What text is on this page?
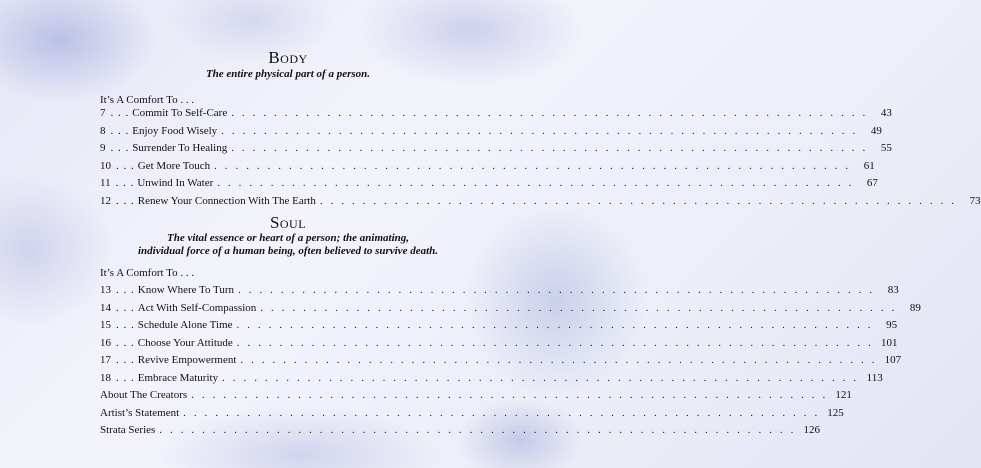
Body
The entire physical part of a person.
It’s A Comfort To . . .
7 . . . Commit To Self-Care . . . . . . . . . . . . . . . . . . . . . . . . . . . . . . . . . . . . . . . . . . . . . . . . . . . . . . . . . . . .	43
8 . . . Enjoy Food Wisely . . . . . . . . . . . . . . . . . . . . . . . . . . . . . . . . . . . . . . . . . . . . . . . . . . . . . . . . . . . .	49
9 . . . Surrender To Healing . . . . . . . . . . . . . . . . . . . . . . . . . . . . . . . . . . . . . . . . . . . . . . . . . . . . . . . . . . . .	55
10 . . . Get More Touch . . . . . . . . . . . . . . . . . . . . . . . . . . . . . . . . . . . . . . . . . . . . . . . . . . . . . . . . . . . .	61
11 . . . Unwind In Water . . . . . . . . . . . . . . . . . . . . . . . . . . . . . . . . . . . . . . . . . . . . . . . . . . . . . . . . . . . .	67
12 . . . Renew Your Connection With The Earth . . . . . . . . . . . . . . . . . . . . . . . . . . . . . . . . . . . . . . . . . . . . . . . . . . . . . . . . . . . .	73
Soul
The vital essence or heart of a person; the animating,
individual force of a human being, often believed to survive death.
It’s A Comfort To . . .
13 . . . Know Where To Turn . . . . . . . . . . . . . . . . . . . . . . . . . . . . . . . . . . . . . . . . . . . . . . . . . . . . . . . . . . . .	83
14 . . . Act With Self-Compassion . . . . . . . . . . . . . . . . . . . . . . . . . . . . . . . . . . . . . . . . . . . . . . . . . . . . . . . . . . . .	89
15 . . . Schedule Alone Time . . . . . . . . . . . . . . . . . . . . . . . . . . . . . . . . . . . . . . . . . . . . . . . . . . . . . . . . . . . .	95
16 . . . Choose Your Attitude . . . . . . . . . . . . . . . . . . . . . . . . . . . . . . . . . . . . . . . . . . . . . . . . . . . . . . . . . . . . 101
17 . . . Revive Empowerment . . . . . . . . . . . . . . . . . . . . . . . . . . . . . . . . . . . . . . . . . . . . . . . . . . . . . . . . . . . . 107
18 . . . Embrace Maturity . . . . . . . . . . . . . . . . . . . . . . . . . . . . . . . . . . . . . . . . . . . . . . . . . . . . . . . . . . . . 113
About The Creators . . . . . . . . . . . . . . . . . . . . . . . . . . . . . . . . . . . . . . . . . . . . . . . . . . . . . . . . . . . . 121
Artist’s Statement . . . . . . . . . . . . . . . . . . . . . . . . . . . . . . . . . . . . . . . . . . . . . . . . . . . . . . . . . . . . 125
Strata Series . . . . . . . . . . . . . . . . . . . . . . . . . . . . . . . . . . . . . . . . . . . . . . . . . . . . . . . . . . . . 126
